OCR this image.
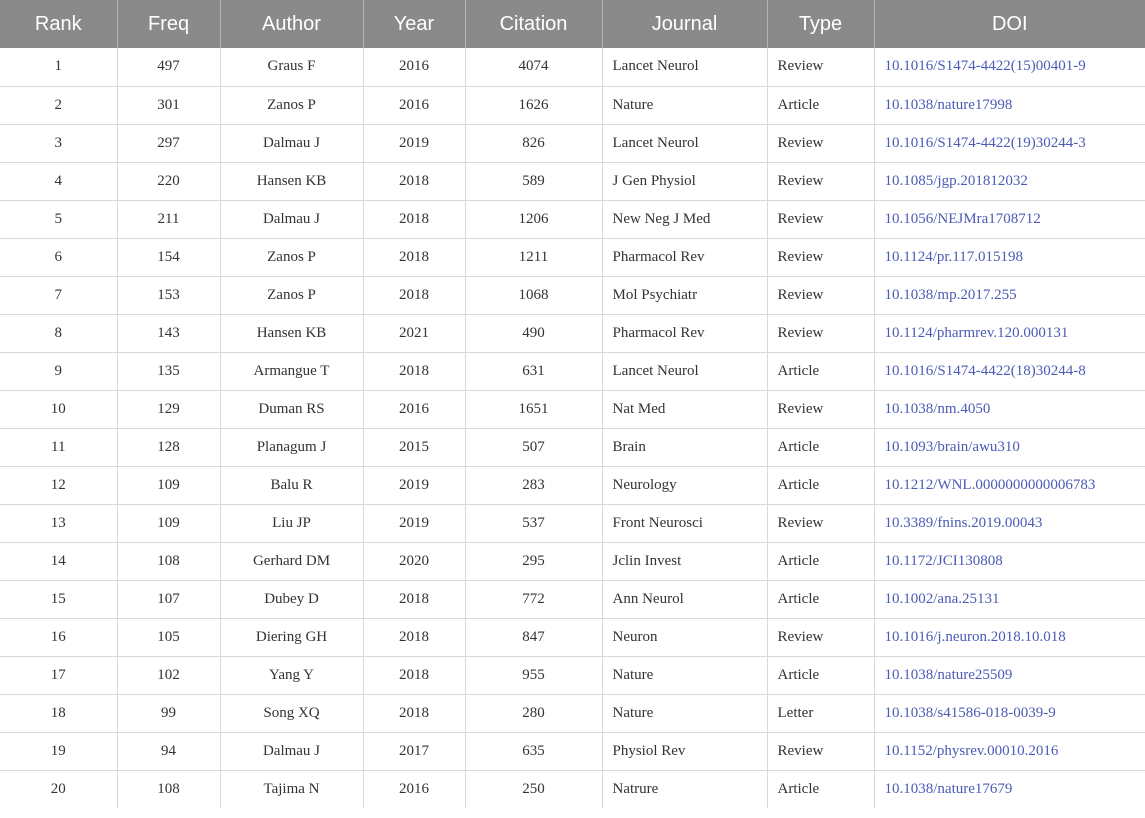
Rank	Freq	Author	Year	Citation	Journal	Type	DOI
1	497	Graus F	2016	4074	Lancet Neurol	Review	10.1016/S1474-4422(15)00401-9
2	301	Zanos P	2016	1626	Nature	Article	10.1038/nature17998
3	297	Dalmau J	2019	826	Lancet Neurol	Review	10.1016/S1474-4422(19)30244-3
4	220	Hansen KB	2018	589	J Gen Physiol	Review	10.1085/jgp.201812032
5	211	Dalmau J	2018	1206	New Neg J Med	Review	10.1056/NEJMra1708712
6	154	Zanos P	2018	1211	Pharmacol Rev	Review	10.1124/pr.117.015198
7	153	Zanos P	2018	1068	Mol Psychiatr	Review	10.1038/mp.2017.255
8	143	Hansen KB	2021	490	Pharmacol Rev	Review	10.1124/pharmrev.120.000131
9	135	Armangue T	2018	631	Lancet Neurol	Article	10.1016/S1474-4422(18)30244-8
10	129	Duman RS	2016	1651	Nat Med	Review	10.1038/nm.4050
11	128	Planagum J	2015	507	Brain	Article	10.1093/brain/awu310
12	109	Balu R	2019	283	Neurology	Article	10.1212/WNL.0000000000006783
13	109	Liu JP	2019	537	Front Neurosci	Review	10.3389/fnins.2019.00043
14	108	Gerhard DM	2020	295	Jclin Invest	Article	10.1172/JCI130808
15	107	Dubey D	2018	772	Ann Neurol	Article	10.1002/ana.25131
16	105	Diering GH	2018	847	Neuron	Review	10.1016/j.neuron.2018.10.018
17	102	Yang Y	2018	955	Nature	Article	10.1038/nature25509
18	99	Song XQ	2018	280	Nature	Letter	10.1038/s41586-018-0039-9
19	94	Dalmau J	2017	635	Physiol Rev	Review	10.1152/physrev.00010.2016
20	108	Tajima N	2016	250	Natrure	Article	10.1038/nature17679
